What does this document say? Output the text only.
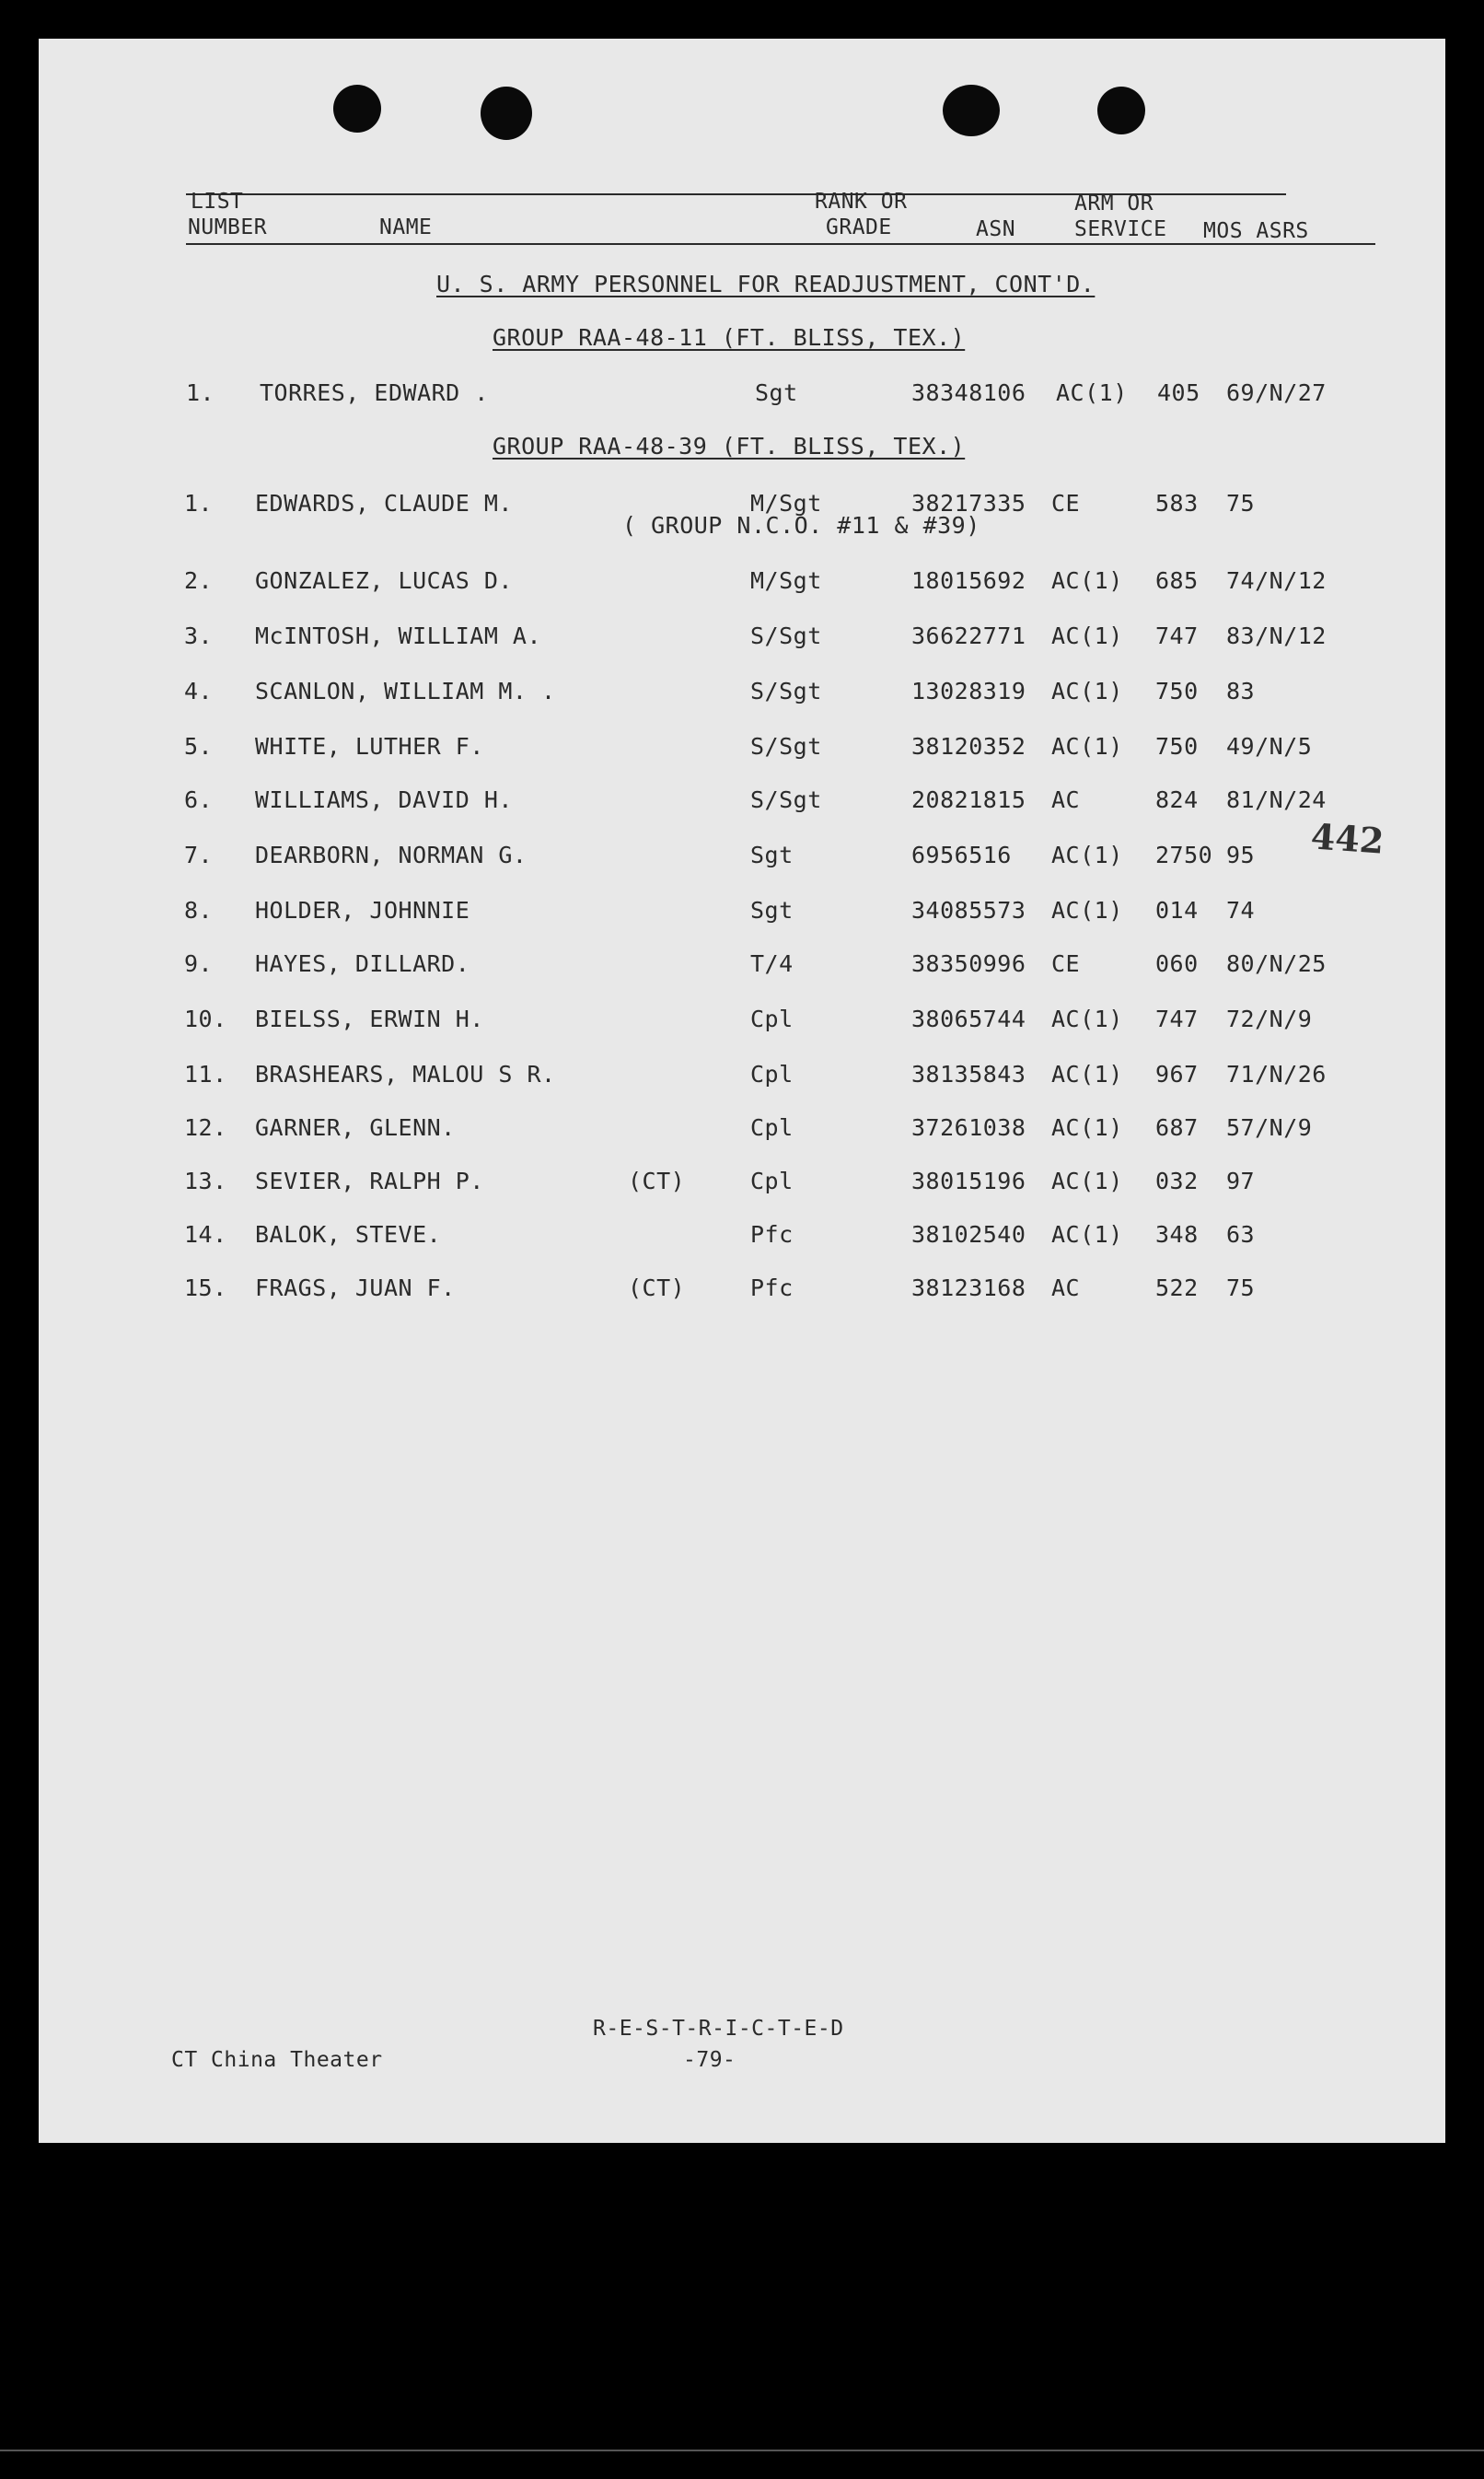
LIST
NUMBER	NAME
RANK OR
GRADE	ASN
ARM OR
SERVICE MOS ASRS
U. S. ARMY PERSONNEL FOR READJUSTMENT, CONT'D.
GROUP RAA-48-11 (FT. BLISS, TEX.)
1. TORRES, EDWARD .	Sgt	38348106 AC(1) 405 69/N/27
GROUP RAA-48-39 (FT. BLISS, TEX.)
( GROUP N.C.O. #11 & #39)
1. EDWARDS, CLAUDE M.	M/Sgt	38217335 CE	583 75
2. GONZALEZ, LUCAS D.	M/Sgt	18015692 AC(1) 685 74/N/12
3. McINTOSH, WILLIAM A.	S/Sgt	36622771 AC(1) 747 83/N/12
4. SCANLON, WILLIAM M. .	S/Sgt	13028319 AC(1) 750 83
5. WHITE, LUTHER F.	S/Sgt	38120352 AC(1) 750 49/N/5
6. WILLIAMS, DAVID H.	S/Sgt	20821815 AC	824 81/N/24
7. DEARBORN, NORMAN G.	Sgt	6956516 AC(1) 2750 95
8. HOLDER, JOHNNIE	Sgt	34085573 AC(1) 014 74
9. HAYES, DILLARD.	T/4	38350996 CE	060 80/N/25
10. BIELSS, ERWIN H.	Cpl	38065744 AC(1) 747 72/N/9
11. BRASHEARS, MALOU S R.	Cpl	38135843 AC(1) 967 71/N/26
12. GARNER, GLENN.	Cpl	37261038 AC(1) 687 57/N/9
13. SEVIER, RALPH P.	(CT)	Cpl	38015196 AC(1) 032 97
14. BALOK, STEVE.	Pfc	38102540 AC(1) 348 63
15. FRAGS, JUAN F.	(CT)	Pfc	38123168 AC	522 75
442
CT China Theater
R-E-S-T-R-I-C-T-E-D
-79-
